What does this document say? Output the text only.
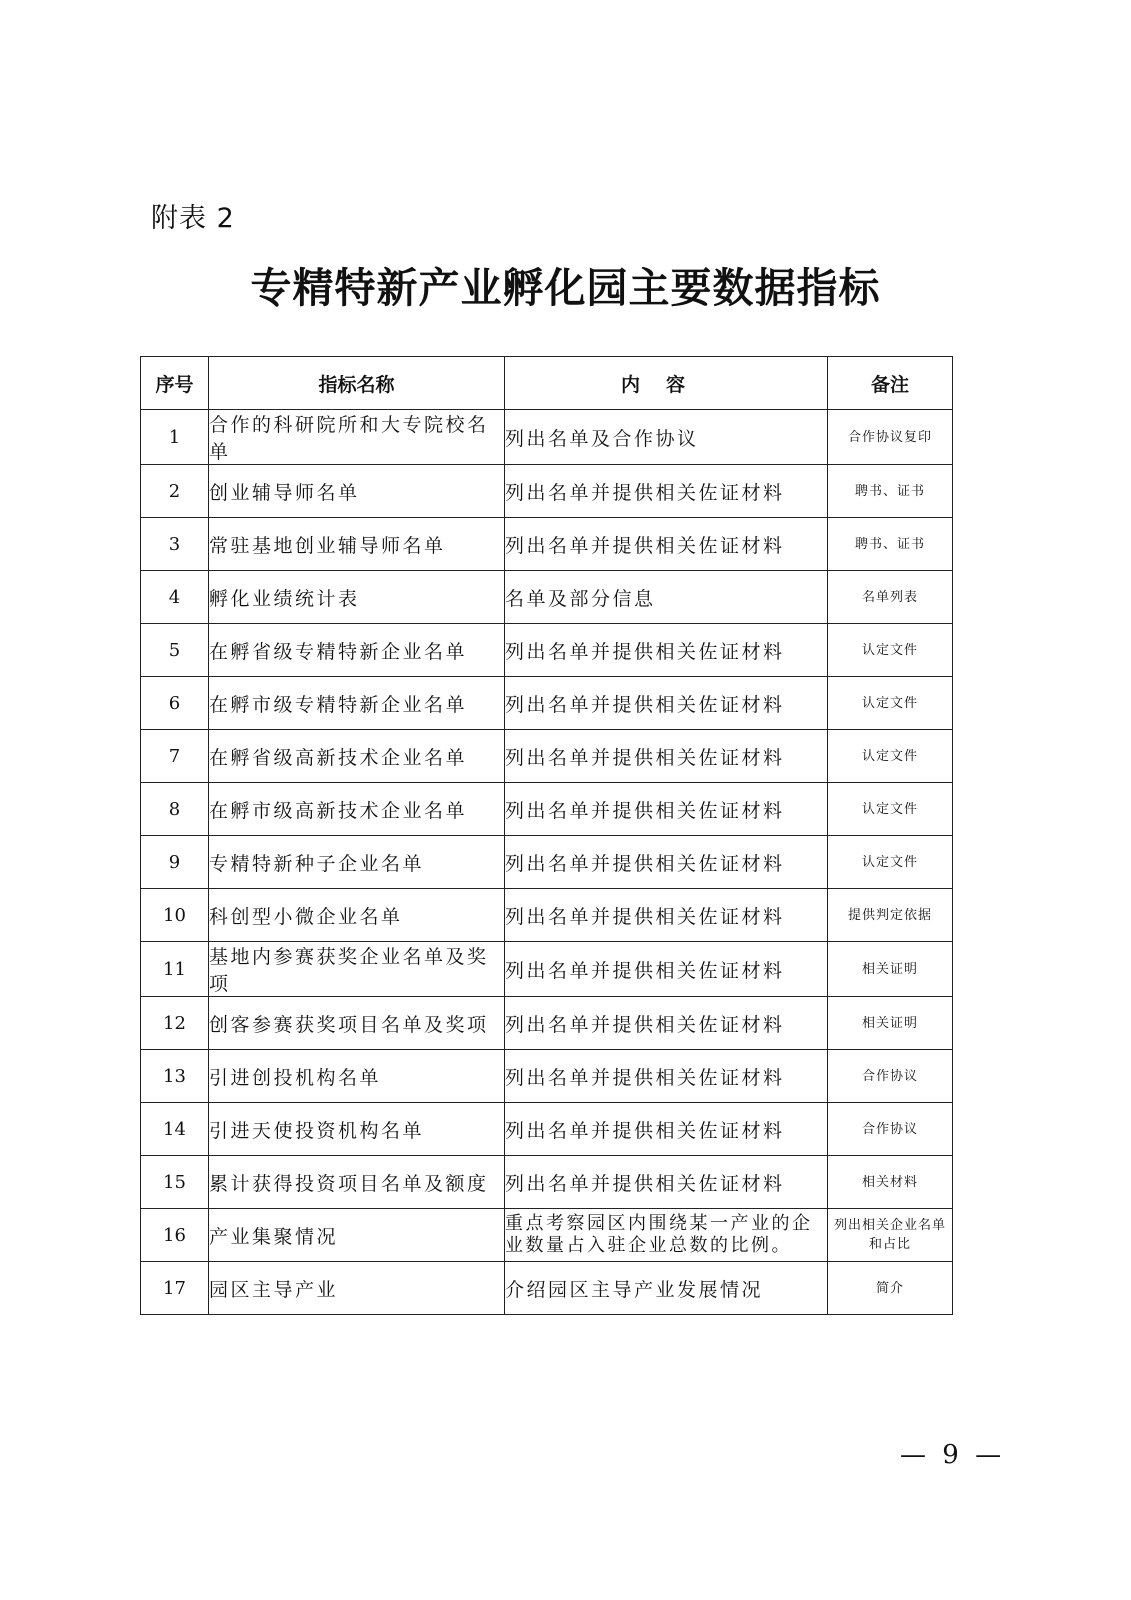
附表 2
专精特新产业孵化园主要数据指标
序号	指标名称	内容	备注
1	合作的科研院所和大专院校名单	列出名单及合作协议	合作协议复印
2	创业辅导师名单	列出名单并提供相关佐证材料	聘书、证书
3	常驻基地创业辅导师名单	列出名单并提供相关佐证材料	聘书、证书
4	孵化业绩统计表	名单及部分信息	名单列表
5	在孵省级专精特新企业名单	列出名单并提供相关佐证材料	认定文件
6	在孵市级专精特新企业名单	列出名单并提供相关佐证材料	认定文件
7	在孵省级高新技术企业名单	列出名单并提供相关佐证材料	认定文件
8	在孵市级高新技术企业名单	列出名单并提供相关佐证材料	认定文件
9	专精特新种子企业名单	列出名单并提供相关佐证材料	认定文件
10	科创型小微企业名单	列出名单并提供相关佐证材料	提供判定依据
11	基地内参赛获奖企业名单及奖项	列出名单并提供相关佐证材料	相关证明
12	创客参赛获奖项目名单及奖项	列出名单并提供相关佐证材料	相关证明
13	引进创投机构名单	列出名单并提供相关佐证材料	合作协议
14	引进天使投资机构名单	列出名单并提供相关佐证材料	合作协议
15	累计获得投资项目名单及额度	列出名单并提供相关佐证材料	相关材料
16	产业集聚情况	重点考察园区内围绕某一产业的企业数量占入驻企业总数的比例。	列出相关企业名单和占比
17	园区主导产业	介绍园区主导产业发展情况	简介
— 9 —
